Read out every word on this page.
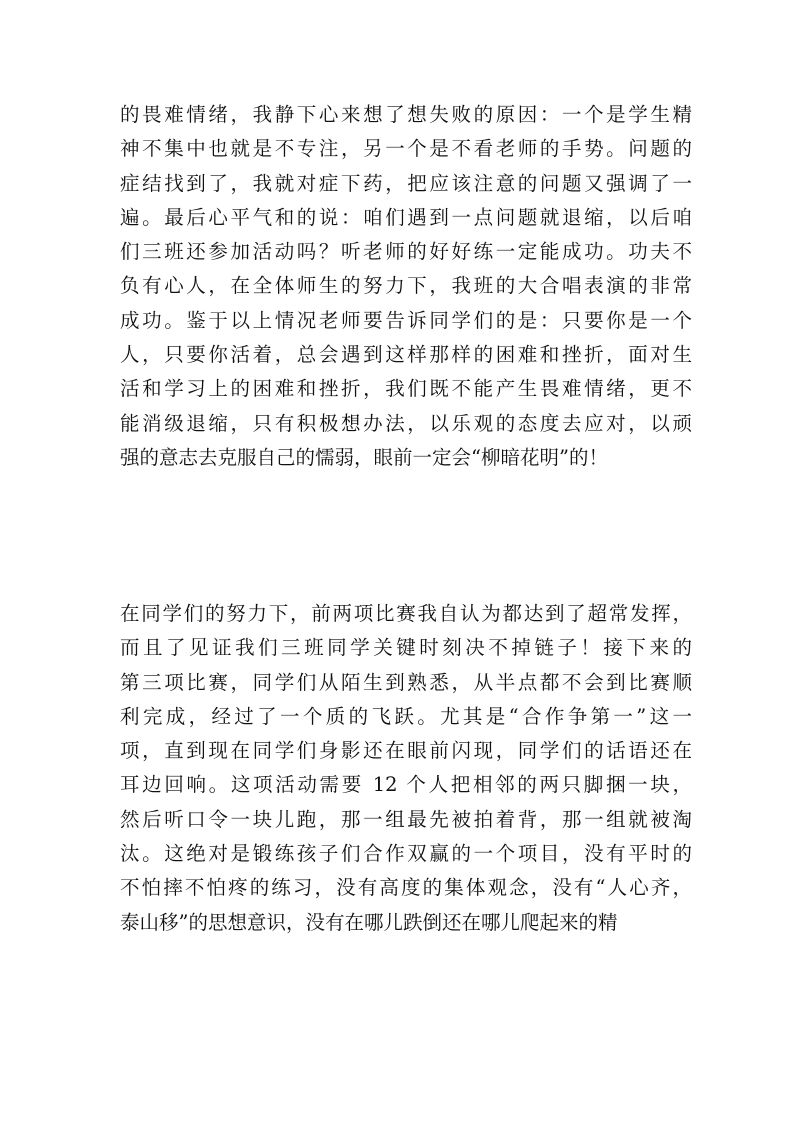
的畏难情绪，我静下心来想了想失败的原因：一个是学生精
神不集中也就是不专注，另一个是不看老师的手势。问题的
症结找到了，我就对症下药，把应该注意的问题又强调了一
遍。最后心平气和的说：咱们遇到一点问题就退缩，以后咱
们三班还参加活动吗？听老师的好好练一定能成功。功夫不
负有心人，在全体师生的努力下，我班的大合唱表演的非常
成功。鉴于以上情况老师要告诉同学们的是：只要你是一个
人，只要你活着，总会遇到这样那样的困难和挫折，面对生
活和学习上的困难和挫折，我们既不能产生畏难情绪，更不
能消级退缩，只有积极想办法，以乐观的态度去应对，以顽
强的意志去克服自己的懦弱，眼前一定会“柳暗花明”的！
在同学们的努力下，前两项比赛我自认为都达到了超常发挥，
而且了见证我们三班同学关键时刻决不掉链子！接下来的
第三项比赛，同学们从陌生到熟悉，从半点都不会到比赛顺
利完成，经过了一个质的飞跃。尤其是“合作争第一”这一
项，直到现在同学们身影还在眼前闪现，同学们的话语还在
耳边回响。这项活动需要 12 个人把相邻的两只脚捆一块，
然后听口令一块儿跑，那一组最先被拍着背，那一组就被淘
汰。这绝对是锻练孩子们合作双赢的一个项目，没有平时的
不怕摔不怕疼的练习，没有高度的集体观念，没有“人心齐，
泰山移”的思想意识，没有在哪儿跌倒还在哪儿爬起来的精
